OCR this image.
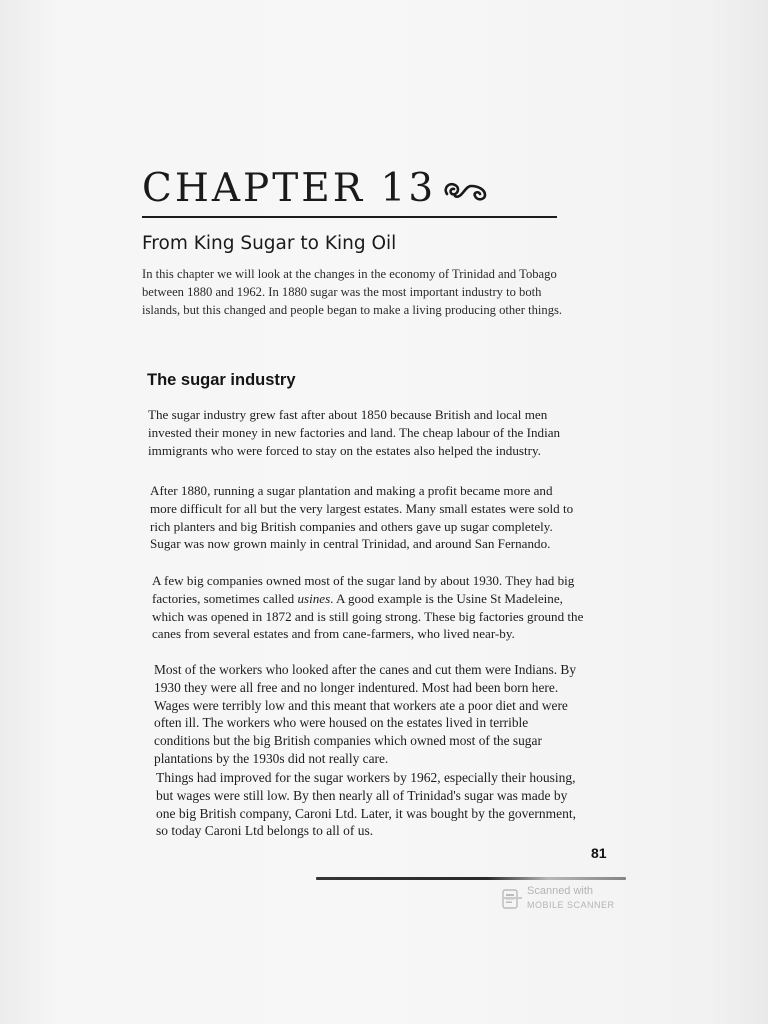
CHAPTER 13
From King Sugar to King Oil

In this chapter we will look at the changes in the economy of Trinidad and Tobago between 1880 and 1962. In 1880 sugar was the most important industry to both islands, but this changed and people began to make a living producing other things.

The sugar industry

The sugar industry grew fast after about 1850 because British and local men invested their money in new factories and land. The cheap labour of the Indian immigrants who were forced to stay on the estates also helped the industry.

After 1880, running a sugar plantation and making a profit became more and more difficult for all but the very largest estates. Many small estates were sold to rich planters and big British companies and others gave up sugar completely. Sugar was now grown mainly in central Trinidad, and around San Fernando.

A few big companies owned most of the sugar land by about 1930. They had big factories, sometimes called usines. A good example is the Usine St Madeleine, which was opened in 1872 and is still going strong. These big factories ground the canes from several estates and from cane-farmers, who lived near-by.

Most of the workers who looked after the canes and cut them were Indians. By 1930 they were all free and no longer indentured. Most had been born here. Wages were terribly low and this meant that workers ate a poor diet and were often ill. The workers who were housed on the estates lived in terrible conditions but the big British companies which owned most of the sugar plantations by the 1930s did not really care.

Things had improved for the sugar workers by 1962, especially their housing, but wages were still low. By then nearly all of Trinidad's sugar was made by one big British company, Caroni Ltd. Later, it was bought by the government, so today Caroni Ltd belongs to all of us.

81
Scanned with
MOBILE SCANNER
